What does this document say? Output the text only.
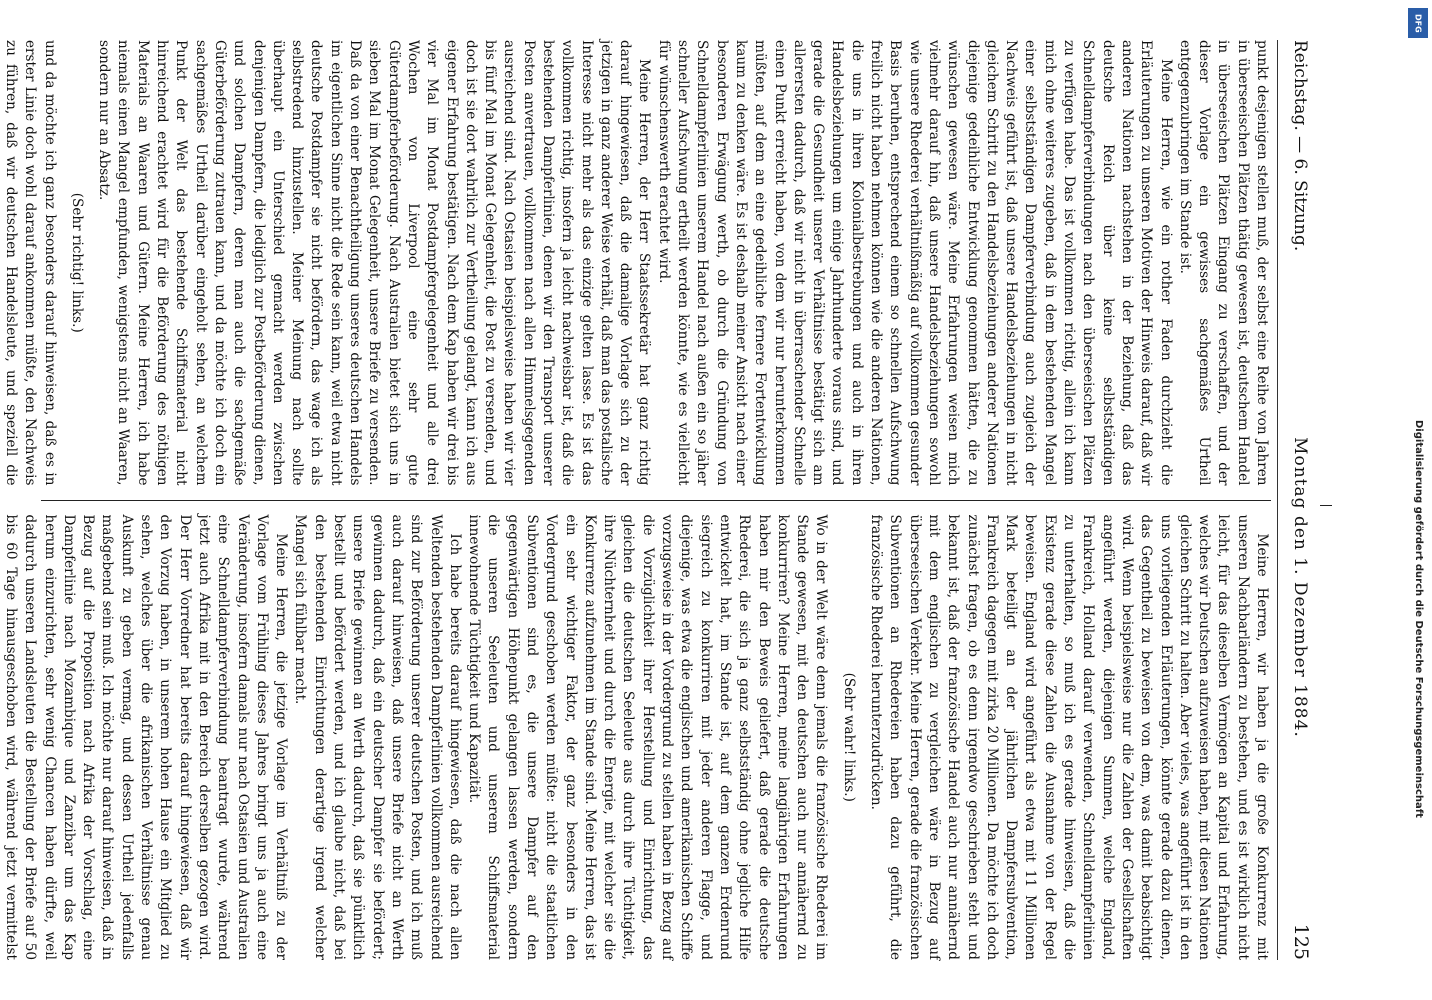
Reichstag. — 6. Sitzung.
Montag den 1. Dezember 1884.
125

punkt desjenigen stellen muß, der selbst eine Reihe von Jahren in überseeischen Plätzen thätig gewesen ist, deutschem Handel in überseeischen Plätzen Eingang zu verschaffen, und der dieser Vorlage ein gewisses sachgemäßes Urtheil entgegenzubringen im Stande ist.

Meine Herren, wie ein rother Faden durchzieht die Erläuterungen zu unseren Motiven der Hinweis darauf, daß wir anderen Nationen nachstehen in der Beziehung, daß das deutsche Reich über keine selbstständigen Schnelldampferverbindungen nach den überseeischen Plätzen zu verfügen habe. Das ist vollkommen richtig, allein ich kann mich ohne weiteres zugeben, daß in dem bestehenden Mangel einer selbstständigen Dampferverbindung auch zugleich der Nachweis geführt ist, daß unsere Handelsbeziehungen in nicht gleichem Schritt zu den Handelsbeziehungen anderer Nationen diejenige gedeihliche Entwicklung genommen hätten, die zu wünschen gewesen wäre. Meine Erfahrungen weisen mich vielmehr darauf hin, daß unsere Handelsbeziehungen sowohl wie unsere Rhederei verhältnißmäßig auf vollkommen gesunder Basis beruhen, entsprechend einem so schnellen Aufschwung freilich nicht haben nehmen können wie die anderen Nationen, die uns in ihren Kolonialbestrebungen und auch in ihren Handelsbeziehungen um einige Jahrhunderte voraus sind, und gerade die Gesundheit unserer Verhältnisse bestätigt sich am allerersten dadurch, daß wir nicht in überraschender Schnelle einen Punkt erreicht haben, von dem wir nur herunterkommen müßten, auf dem an eine gedeihliche fernere Fortentwicklung kaum zu denken wäre. Es ist deshalb meiner Ansicht nach einer besonderen Erwägung werth, ob durch die Gründung von Schnelldampferlinien unserem Handel nach außen ein so jäher schneller Aufschwung ertheilt werden könnte, wie es vielleicht für wünschenswerth erachtet wird.

Meine Herren, der Herr Staatssekretär hat ganz richtig darauf hingewiesen, daß die damalige Vorlage sich zu der jetzigen in ganz anderer Weise verhält, daß man das postalische Interesse nicht mehr als das einzige gelten lasse. Es ist das vollkommen richtig, insofern ja leicht nachweisbar ist, daß die bestehenden Dampferlinien, denen wir den Transport unserer Posten anvertrauen, vollkommen nach allen Himmelsgegenden ausreichend sind. Nach Ostasien beispielsweise haben wir vier bis fünf Mal im Monat Gelegenheit, die Post zu versenden, und doch ist sie dort wahrlich zur Vertheilung gelangt, kann ich aus eigener Erfahrung bestätigen. Nach dem Kap haben wir drei bis vier Mal im Monat Postdampfergelegenheit und alle drei Wochen von Liverpool eine sehr gute Güterdampferbeförderung. Nach Australien bietet sich uns in sieben Mal im Monat Gelegenheit, unsere Briefe zu versenden. Daß da von einer Benachtheiligung unseres deutschen Handels im eigentlichen Sinne nicht die Rede sein kann, weil etwa nicht deutsche Postdampfer sie nicht befördern, das wage ich als selbstredend hinzustellen. Meiner Meinung nach sollte überhaupt ein Unterschied gemacht werden zwischen denjenigen Dampfern, die lediglich zur Postbeförderung dienen, und solchen Dampfern, deren man auch die sachgemäße Güterbeförderung zutrauen kann, und da möchte ich doch ein sachgemäßes Urtheil darüber eingeholt sehen, an welchem Punkt der Welt das bestehende Schiffsmaterial nicht hinreichend erachtet wird für die Beförderung des nöthigen Materials an Waaren und Gütern. Meine Herren, ich habe niemals einen Mangel empfunden, wenigstens nicht an Waaren, sondern nur an Absatz.

(Sehr richtig! links.)

und da möchte ich ganz besonders darauf hinweisen, daß es in erster Linie doch wohl darauf ankommen müßte, den Nachweis zu führen, daß wir deutschen Handelsleute, und speziell die

Meine Herren, wir haben ja die große Konkurrenz mit unseren Nachbarländern zu bestehen, und es ist wirklich nicht leicht, für das dieselben Vermögen an Kapital und Erfahrung, welches wir Deutschen aufzuweisen haben, mit diesen Nationen gleichen Schritt zu halten. Aber vieles, was angeführt ist in den uns vorliegenden Erläuterungen, könnte gerade dazu dienen, das Gegentheil zu beweisen von dem, was damit beabsichtigt wird. Wenn beispielsweise nur die Zahlen der Gesellschaften angeführt werden, diejenigen Summen, welche England, Frankreich, Holland darauf verwenden, Schnelldampferlinien zu unterhalten, so muß ich es gerade hinweisen, daß die Existenz gerade diese Zahlen die Ausnahme von der Regel beweisen. England wird angeführt als etwa mit 11 Millionen Mark beteiligt an der jährlichen Dampfersubvention, Frankreich dagegen mit zirka 20 Millionen. Da möchte ich doch zunächst fragen, ob es denn irgendwo geschrieben steht und bekannt ist, daß der französische Handel auch nur annähernd mit dem englischen zu vergleichen wäre in Bezug auf überseeischen Verkehr. Meine Herren, gerade die französischen Subventionen an Rhedereien haben dazu geführt, die französische Rhederei herunterzudrücken.

(Sehr wahr! links.)

Wo in der Welt wäre denn jemals die französische Rhederei im Stande gewesen, mit den deutschen auch nur annähernd zu konkurriren? Meine Herren, meine langjährigen Erfahrungen haben mir den Beweis geliefert, daß gerade die deutsche Rhederei, die sich ja ganz selbstständig ohne jegliche Hilfe entwickelt hat, im Stande ist, auf dem ganzen Erdenrund siegreich zu konkurriren mit jeder anderen Flagge, und diejenige, was etwa die englischen und amerikanischen Schiffe vorzugsweise in der Vordergrund zu stellen haben in Bezug auf die Vorzüglichkeit ihrer Herstellung und Einrichtung, das gleichen die deutschen Seeleute aus durch ihre Tüchtigkeit, ihre Nüchternheit und durch die Energie, mit welcher sie die Konkurrenz aufzunehmen im Stande sind. Meine Herren, das ist ein sehr wichtiger Faktor, der ganz besonders in den Vordergrund geschoben werden müßte: nicht die staatlichen Subventionen sind es, die unsere Dampfer auf den gegenwärtigen Höhepunkt gelangen lassen werden, sondern die unseren Seeleuten und unserem Schiffsmaterial innewohnende Tüchtigkeit und Kapazität.

Ich habe bereits darauf hingewiesen, daß die nach allen Weltenden bestehenden Dampferlinien vollkommen ausreichend sind zur Beförderung unserer deutschen Posten, und ich muß auch darauf hinweisen, daß unsere Briefe nicht an Werth gewinnen dadurch, daß ein deutscher Dampfer sie befördert; unsere Briefe gewinnen an Werth dadurch, daß sie pünktlich bestellt und befördert werden, und ich glaube nicht, daß bei den bestehenden Einrichtungen derartige irgend welcher Mangel sich fühlbar macht.

Meine Herren, die jetzige Vorlage im Verhältniß zu der Vorlage vom Frühling dieses Jahres bringt uns ja auch eine Veränderung, insofern damals nur nach Ostasien und Australien eine Schnelldampferverbindung beantragt wurde, während jetzt auch Afrika mit in den Bereich derselben gezogen wird. Der Herr Vorredner hat bereits darauf hingewiesen, daß wir den Vorzug haben, in unserem hohen Hause ein Mitglied zu sehen, welches über die afrikanischen Verhältnisse genau Auskunft zu geben vermag, und dessen Urtheil jedenfalls maßgebend sein muß. Ich möchte nur darauf hinweisen, daß in Bezug auf die Proposition nach Afrika der Vorschlag, eine Dampferlinie nach Mozambique und Zanzibar um das Kap herum einzurichten, sehr wenig Chancen haben dürfte, weil dadurch unseren Landsleuten die Bestellung der Briefe auf 50 bis 60 Tage hinausgeschoben wird, während jetzt vermittelst

DFG
Digitalisierung gefördert durch die Deutsche Forschungsgemeinschaft
